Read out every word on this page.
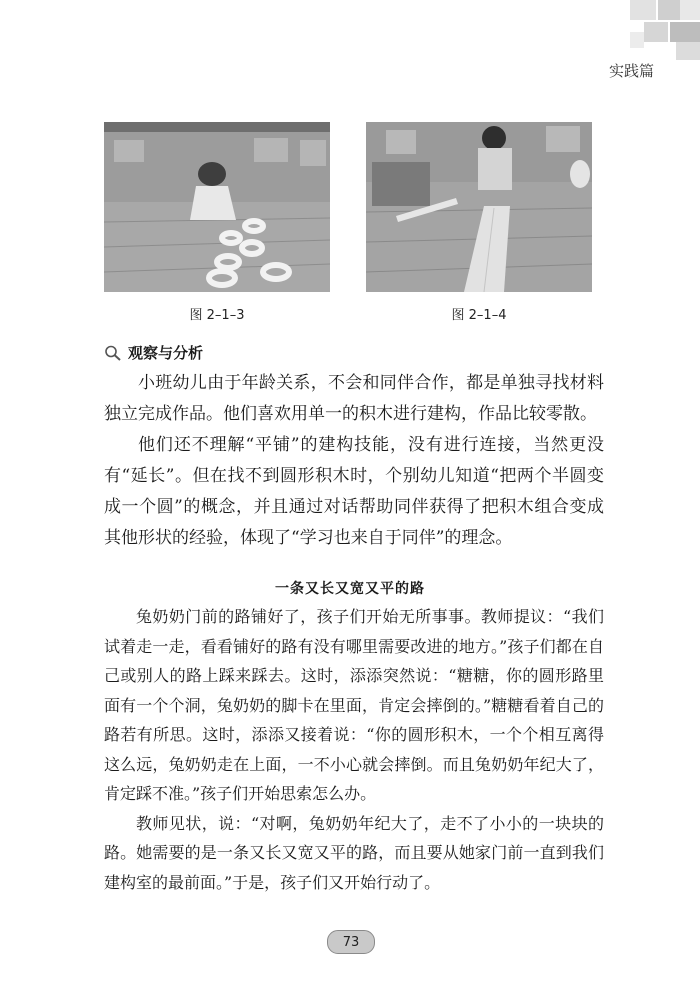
实践篇
图 2–1–3	图 2–1–4
观察与分析

小班幼儿由于年龄关系，不会和同伴合作，都是单独寻找材料独立完成作品。他们喜欢用单一的积木进行建构，作品比较零散。

他们还不理解“平铺”的建构技能，没有进行连接，当然更没有“延长”。但在找不到圆形积木时，个别幼儿知道“把两个半圆变成一个圆”的概念，并且通过对话帮助同伴获得了把积木组合变成其他形状的经验，体现了“学习也来自于同伴”的理念。

一条又长又宽又平的路

兔奶奶门前的路铺好了，孩子们开始无所事事。教师提议：“我们试着走一走，看看铺好的路有没有哪里需要改进的地方。”孩子们都在自己或别人的路上踩来踩去。这时，添添突然说：“糖糖，你的圆形路里面有一个个洞，兔奶奶的脚卡在里面，肯定会摔倒的。”糖糖看着自己的路若有所思。这时，添添又接着说：“你的圆形积木，一个个相互离得这么远，兔奶奶走在上面，一不小心就会摔倒。而且兔奶奶年纪大了，肯定踩不准。”孩子们开始思索怎么办。

教师见状，说：“对啊，兔奶奶年纪大了，走不了小小的一块块的路。她需要的是一条又长又宽又平的路，而且要从她家门前一直到我们建构室的最前面。”于是，孩子们又开始行动了。

73
